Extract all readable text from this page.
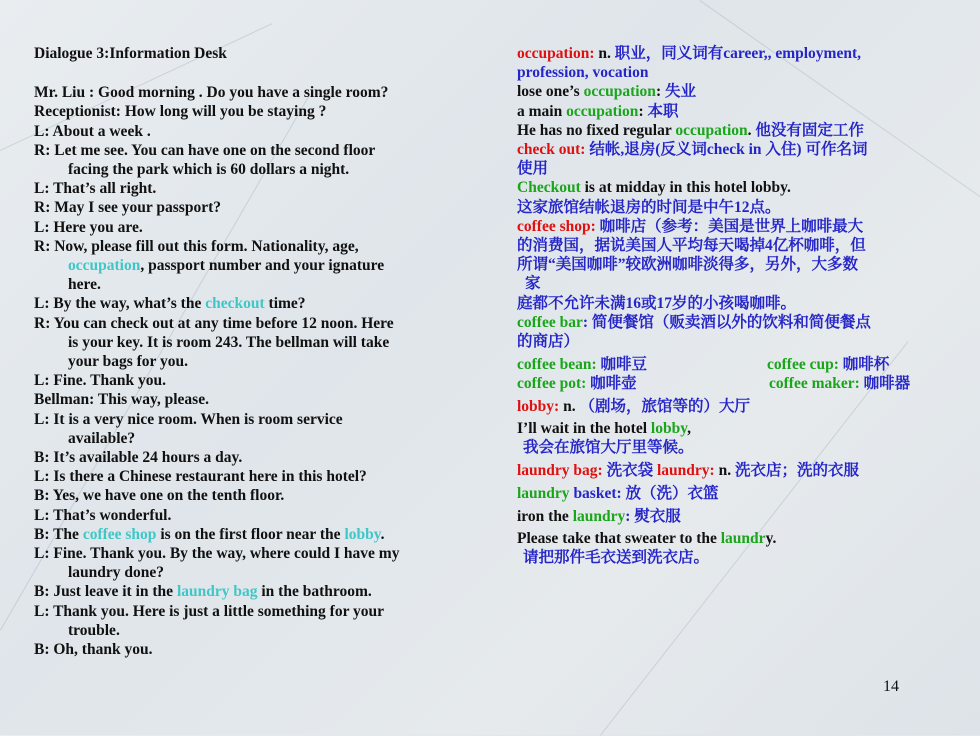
Dialogue 3:Information Desk
Mr. Liu : Good morning . Do you have a single room?
Receptionist: How long will you be staying ?
L: About a week .
R: Let me see. You can have one on the second floor
facing the park which is 60 dollars a night.
L: That’s all right.
R: May I see your passport?
L: Here you are.
R: Now, please fill out this form. Nationality, age,
occupation, passport number and your ignature
here.
L: By the way, what’s the checkout time?
R: You can check out at any time before 12 noon. Here
is your key. It is room 243. The bellman will take
your bags for you.
L: Fine. Thank you.
Bellman: This way, please.
L: It is a very nice room. When is room service
available?
B: It’s available 24 hours a day.
L: Is there a Chinese restaurant here in this hotel?
B: Yes, we have one on the tenth floor.
L: That’s wonderful.
B: The coffee shop is on the first floor near the lobby.
L: Fine. Thank you. By the way, where could I have my
laundry done?
B: Just leave it in the laundry bag in the bathroom.
L: Thank you. Here is just a little something for your
trouble.
B: Oh, thank you.
occupation: n. 职业，同义词有career,, employment,
profession, vocation
lose one’s occupation: 失业
a main occupation: 本职
He has no fixed regular occupation. 他没有固定工作
check out: 结帐,退房(反义词check in 入住) 可作名词
使用
Checkout is at midday in this hotel lobby.
这家旅馆结帐退房的时间是中午12点。
coffee shop: 咖啡店（参考：美国是世界上咖啡最大
的消费国，据说美国人平均每天喝掉4亿杯咖啡，但
所谓“美国咖啡”较欧洲咖啡淡得多，另外，大多数
家
庭都不允许未满16或17岁的小孩喝咖啡。
coffee bar: 简便餐馆（贩卖酒以外的饮料和简便餐点
的商店）
coffee bean: 咖啡豆	coffee cup: 咖啡杯
coffee pot: 咖啡壶	coffee maker: 咖啡器
lobby: n. （剧场，旅馆等的）大厅
I’ll wait in the hotel lobby,
我会在旅馆大厅里等候。
laundry bag: 洗衣袋 laundry: n. 洗衣店；洗的衣服
laundry basket: 放（洗）衣篮
iron the laundry: 熨衣服
Please take that sweater to the laundry.
请把那件毛衣送到洗衣店。
14
